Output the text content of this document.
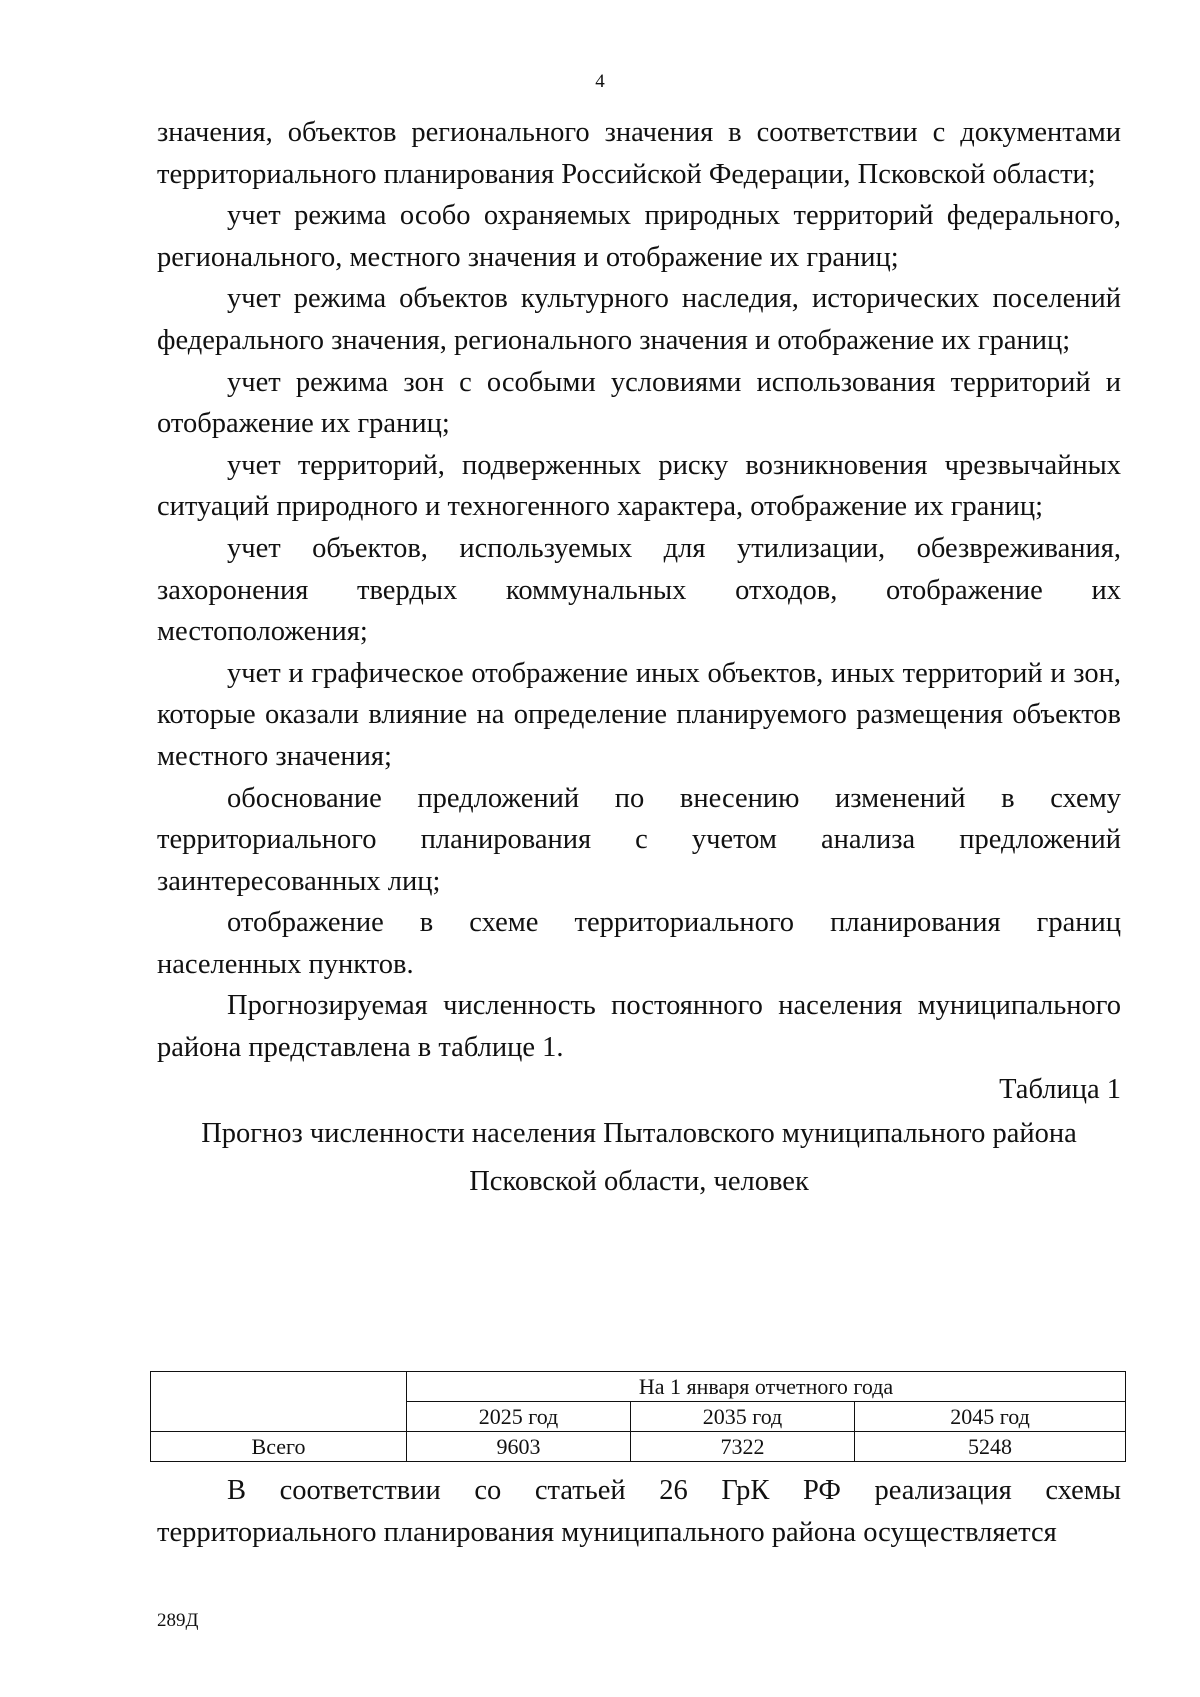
4

значения, объектов регионального значения в соответствии с документами территориального планирования Российской Федерации, Псковской области;

учет режима особо охраняемых природных территорий федерального, регионального, местного значения и отображение их границ;

учет режима объектов культурного наследия, исторических поселений федерального значения, регионального значения и отображение их границ;

учет режима зон с особыми условиями использования территорий и отображение их границ;

учет территорий, подверженных риску возникновения чрезвычайных ситуаций природного и техногенного характера, отображение их границ;

учет объектов, используемых для утилизации, обезвреживания, захоронения твердых коммунальных отходов, отображение их местоположения;

учет и графическое отображение иных объектов, иных территорий и зон, которые оказали влияние на определение планируемого размещения объектов местного значения;

обоснование предложений по внесению изменений в схему территориального планирования с учетом анализа предложений заинтересованных лиц;

отображение в схеме территориального планирования границ населенных пунктов.

Прогнозируемая численность постоянного населения муниципального района представлена в таблице 1.

Таблица 1

Прогноз численности населения Пыталовского муниципального района

Псковской области, человек

	На 1 января отчетного года		
	2025 год	2035 год	2045 год
Всего	9603	7322	5248

В соответствии со статьей 26 ГрК РФ реализация схемы территориального планирования муниципального района осуществляется

289Д
